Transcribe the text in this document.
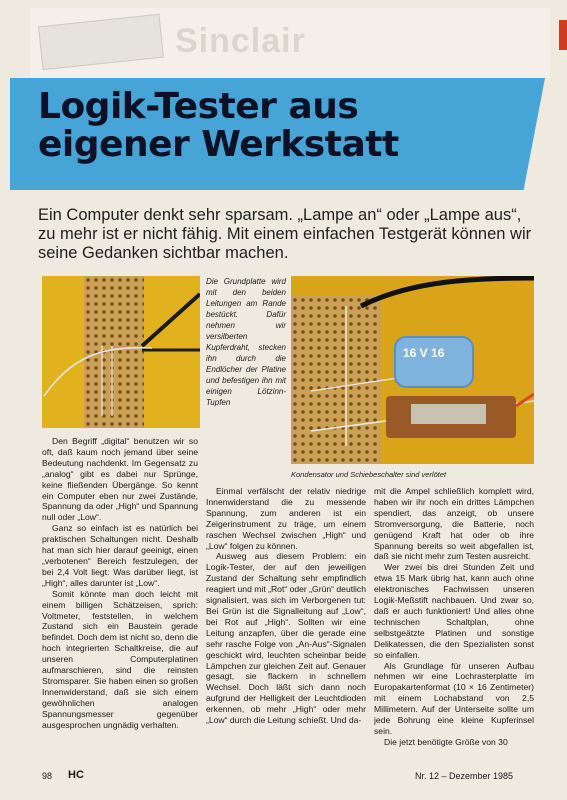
Sinclair
Logik-Tester aus
eigener Werkstatt
Ein Computer denkt sehr sparsam. „Lampe an“ oder „Lampe aus“, zu mehr ist er nicht fähig. Mit einem einfachen Testgerät können wir seine Gedanken sichtbar machen.
Die Grundplatte wird mit den beiden Leitungen am Rande bestückt. Dafür nehmen wir versilberten Kupferdraht, stecken ihn durch die Endlöcher der Platine und befestigen ihn mit einigen Lötzinn-Tupfen
16 V 16
Kondensator und Schiebeschalter sind verlötet

Den Begriff „digital“ benutzen wir so oft, daß kaum noch jemand über seine Bedeutung nachdenkt. Im Gegensatz zu „analog“ gibt es dabei nur Sprünge, keine fließenden Übergänge. So kennt ein Computer eben nur zwei Zustände, Spannung da oder „High“ und Spannung null oder „Low“.

Ganz so einfach ist es natürlich bei praktischen Schaltungen nicht. Deshalb hat man sich hier darauf geeinigt, einen „verbotenen“ Bereich festzulegen, der bei 2,4 Volt liegt: Was darüber liegt, ist „High“, alles darunter ist „Low“.

Somit könnte man doch leicht mit einem billigen Schätzeisen, sprich: Voltmeter, feststellen, in welchem Zustand sich ein Baustein gerade befindet. Doch dem ist nicht so, denn die hoch integrierten Schaltkreise, die auf unseren Computerplatinen aufmarschieren, sind die reinsten Stromsparer. Sie haben einen so großen Innenwiderstand, daß sie sich einem gewöhnlichen analogen Spannungsmesser gegenüber ausgesprochen ungnädig verhalten.

Einmal verfälscht der relativ niedrige Innenwiderstand die zu messende Spannung, zum anderen ist ein Zeigerinstrument zu träge, um einem raschen Wechsel zwischen „High“ und „Low“ folgen zu können.

Ausweg aus diesem Problem: ein Logik-Tester, der auf den jeweiligen Zustand der Schaltung sehr empfindlich reagiert und mit „Rot“ oder „Grün“ deutlich signalisiert, was sich im Verborgenen tut: Bei Grün ist die Signalleitung auf „Low“, bei Rot auf „High“. Sollten wir eine Leitung anzapfen, über die gerade eine sehr rasche Folge von „An-Aus“-Signalen geschickt wird, leuchten scheinbar beide Lämpchen zur gleichen Zeit auf. Genauer gesagt, sie flackern in schnellem Wechsel. Doch läßt sich dann noch aufgrund der Helligkeit der Leuchtdioden erkennen, ob mehr „High“ oder mehr „Low“ durch die Leitung schießt. Und da-

mit die Ampel schließlich komplett wird, haben wir ihr noch ein drittes Lämpchen spendiert, das anzeigt, ob unsere Stromversorgung, die Batterie, noch genügend Kraft hat oder ob ihre Spannung bereits so weit abgefallen ist, daß sie nicht mehr zum Testen ausreicht.

Wer zwei bis drei Stunden Zeit und etwa 15 Mark übrig hat, kann auch ohne elektronisches Fachwissen unseren Logik-Meßstift nachbauen. Und zwar so, daß er auch funktioniert! Und alles ohne technischen Schaltplan, ohne selbstgeätzte Platinen und sonstige Delikatessen, die den Spezialisten sonst so einfallen.

Als Grundlage für unseren Aufbau nehmen wir eine Lochrasterplatte im Europakartenformat (10 × 16 Zentimeter) mit einem Lochabstand von 2,5 Millimetern. Auf der Unterseite sollte um jede Bohrung eine kleine Kupferinsel sein.

Die jetzt benötigte Größe von 30

98 HC	Nr. 12 – Dezember 1985
